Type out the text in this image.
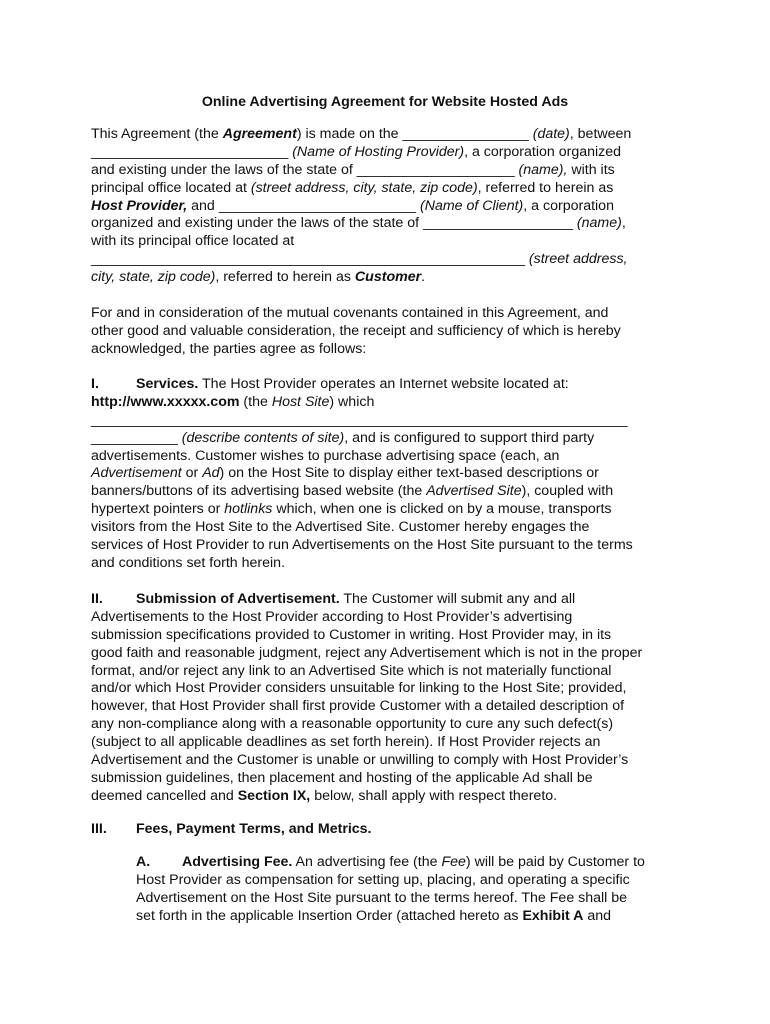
Online Advertising Agreement for Website Hosted Ads
This Agreement (the Agreement) is made on the ________________ (date), between
_________________________ (Name of Hosting Provider), a corporation organized
and existing under the laws of the state of ____________________ (name), with its
principal office located at (street address, city, state, zip code), referred to herein as
Host Provider, and _________________________ (Name of Client), a corporation
organized and existing under the laws of the state of ___________________ (name),
with its principal office located at
_______________________________________________________ (street address,
city, state, zip code), referred to herein as Customer.
For and in consideration of the mutual covenants contained in this Agreement, and
other good and valuable consideration, the receipt and sufficiency of which is hereby
acknowledged, the parties agree as follows:
I.	Services. The Host Provider operates an Internet website located at:
http://www.xxxxx.com (the Host Site) which
____________________________________________________________________
___________ (describe contents of site), and is configured to support third party
advertisements. Customer wishes to purchase advertising space (each, an
Advertisement or Ad) on the Host Site to display either text-based descriptions or
banners/buttons of its advertising based website (the Advertised Site), coupled with
hypertext pointers or hotlinks which, when one is clicked on by a mouse, transports
visitors from the Host Site to the Advertised Site. Customer hereby engages the
services of Host Provider to run Advertisements on the Host Site pursuant to the terms
and conditions set forth herein.
II. Submission of Advertisement. The Customer will submit any and all
Advertisements to the Host Provider according to Host Provider’s advertising
submission specifications provided to Customer in writing. Host Provider may, in its
good faith and reasonable judgment, reject any Advertisement which is not in the proper
format, and/or reject any link to an Advertised Site which is not materially functional
and/or which Host Provider considers unsuitable for linking to the Host Site; provided,
however, that Host Provider shall first provide Customer with a detailed description of
any non-compliance along with a reasonable opportunity to cure any such defect(s)
(subject to all applicable deadlines as set forth herein). If Host Provider rejects an
Advertisement and the Customer is unable or unwilling to comply with Host Provider’s
submission guidelines, then placement and hosting of the applicable Ad shall be
deemed cancelled and Section IX, below, shall apply with respect thereto.
III. Fees, Payment Terms, and Metrics.
A. Advertising Fee. An advertising fee (the Fee) will be paid by Customer to
Host Provider as compensation for setting up, placing, and operating a specific
Advertisement on the Host Site pursuant to the terms hereof. The Fee shall be
set forth in the applicable Insertion Order (attached hereto as Exhibit A and
